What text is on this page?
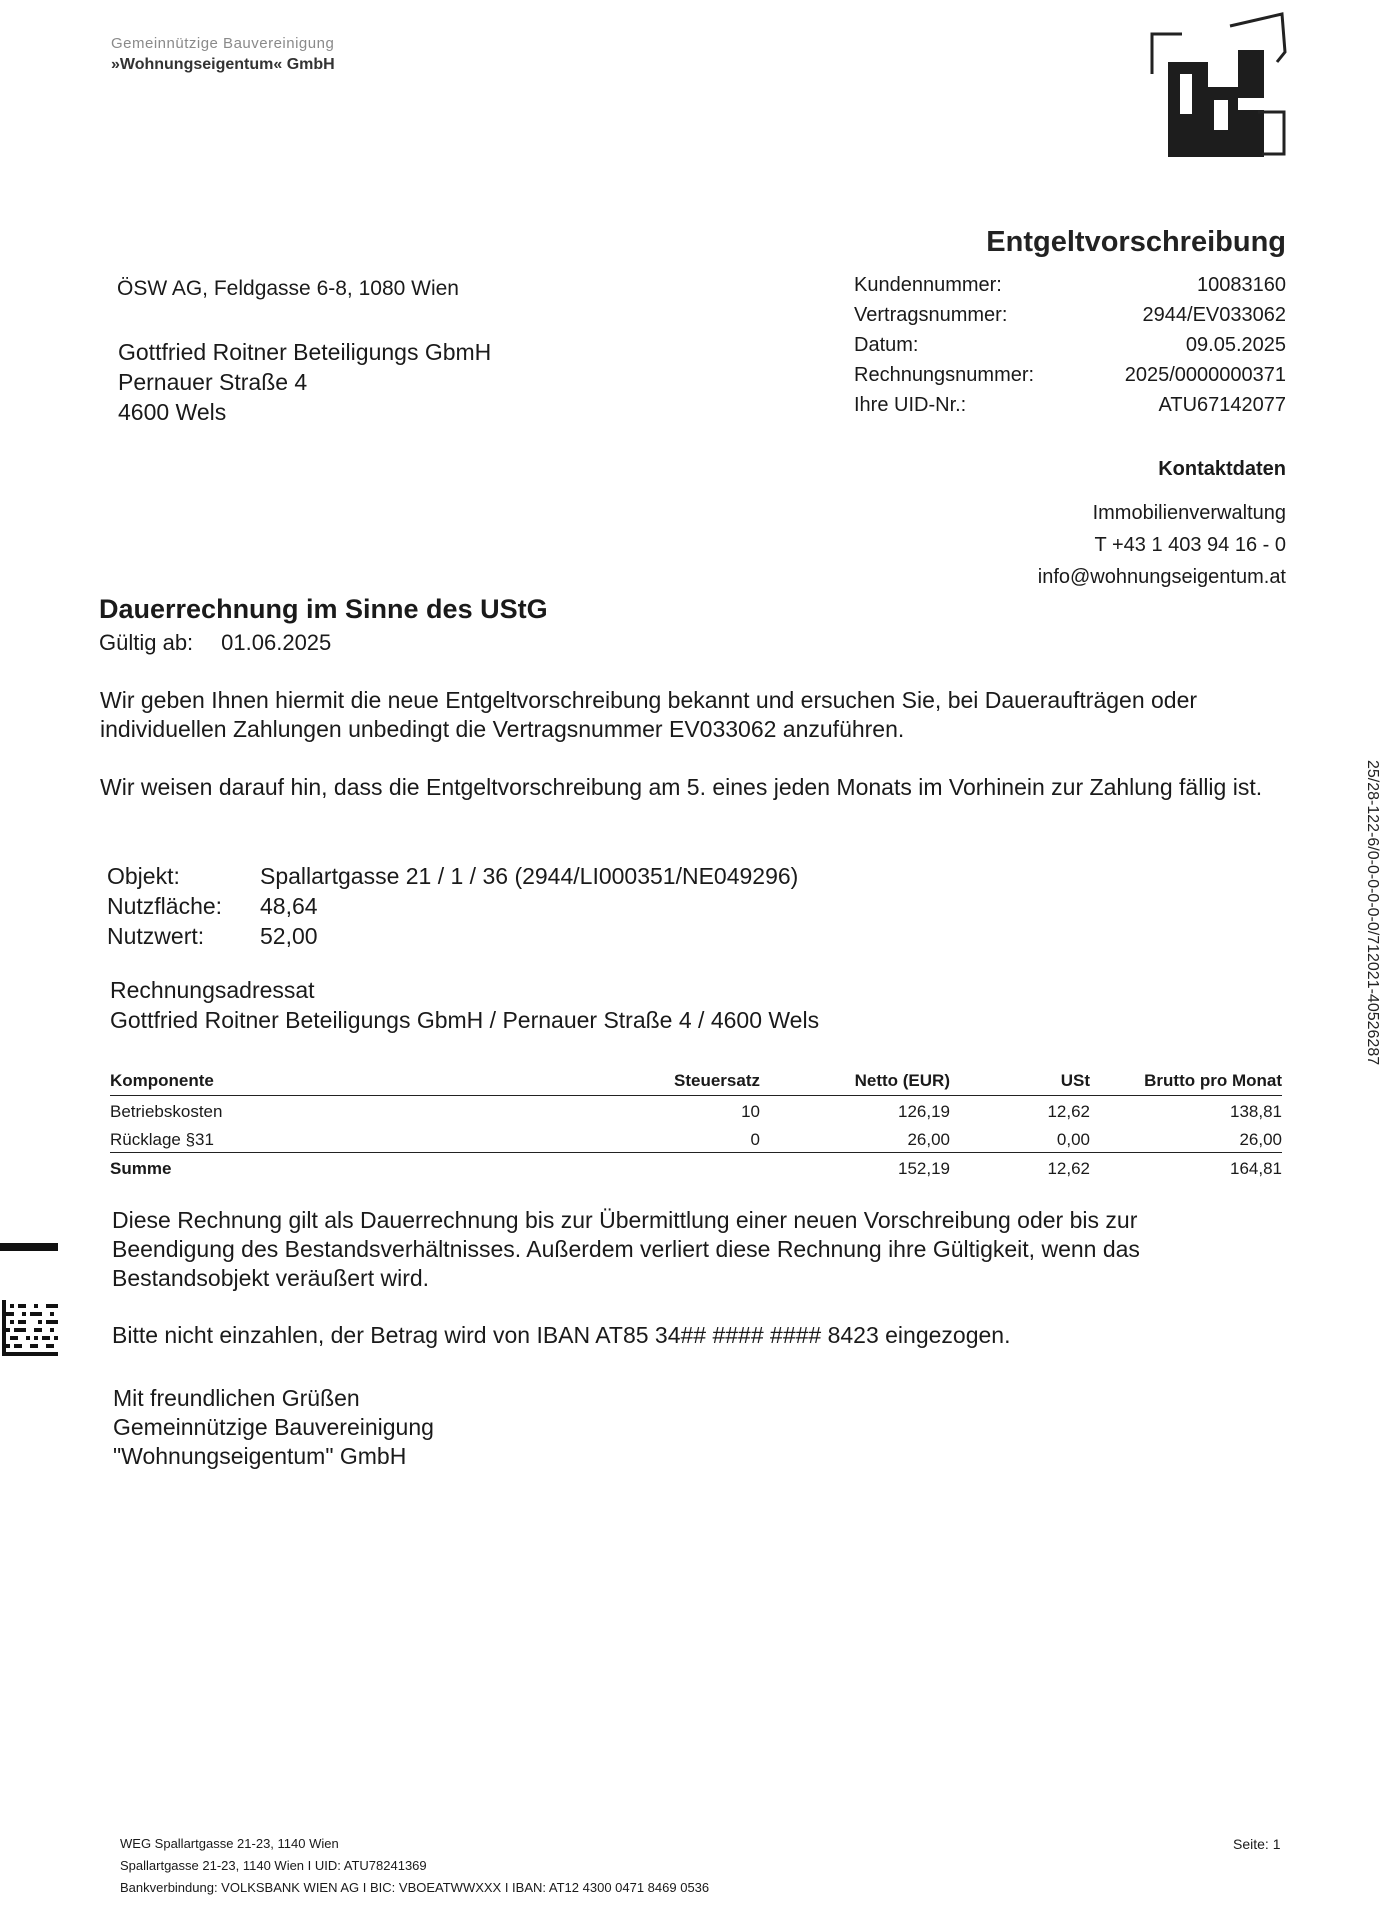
Gemeinnützige Bauvereinigung
»Wohnungseigentum« GmbH
Entgeltvorschreibung
Kundennummer:	10083160
Vertragsnummer:	2944/EV033062
Datum:	09.05.2025
Rechnungsnummer:	2025/0000000371
Ihre UID-Nr.:	ATU67142077
ÖSW AG, Feldgasse 6-8, 1080 Wien
Gottfried Roitner Beteiligungs GbmH
Pernauer Straße 4
4600 Wels
Kontaktdaten
Immobilienverwaltung
T +43 1 403 94 16 - 0
info@wohnungseigentum.at
Dauerrechnung im Sinne des UStG
Gültig ab: 01.06.2025
Wir geben Ihnen hiermit die neue Entgeltvorschreibung bekannt und ersuchen Sie, bei Daueraufträgen oder individuellen Zahlungen unbedingt die Vertragsnummer EV033062 anzuführen.
Wir weisen darauf hin, dass die Entgeltvorschreibung am 5. eines jeden Monats im Vorhinein zur Zahlung fällig ist.
Objekt:	Spallartgasse 21 / 1 / 36 (2944/LI000351/NE049296)
Nutzfläche:	48,64
Nutzwert:	52,00
Rechnungsadressat
Gottfried Roitner Beteiligungs GbmH / Pernauer Straße 4 / 4600 Wels
Komponente	Steuersatz	Netto (EUR)	USt	Brutto pro Monat
Betriebskosten	10	126,19	12,62	138,81
Rücklage §31	0	26,00	0,00	26,00
Summe		152,19	12,62	164,81
Diese Rechnung gilt als Dauerrechnung bis zur Übermittlung einer neuen Vorschreibung oder bis zur Beendigung des Bestandsverhältnisses. Außerdem verliert diese Rechnung ihre Gültigkeit, wenn das Bestandsobjekt veräußert wird.
Bitte nicht einzahlen, der Betrag wird von IBAN AT85 34## #### #### 8423 eingezogen.
Mit freundlichen Grüßen
Gemeinnützige Bauvereinigung
"Wohnungseigentum" GmbH
25/28-122-6/0-0-0-0-0-0/712021-40526287
WEG Spallartgasse 21-23, 1140 Wien
Spallartgasse 21-23, 1140 Wien I UID: ATU78241369
Bankverbindung: VOLKSBANK WIEN AG I BIC: VBOEATWWXXX I IBAN: AT12 4300 0471 8469 0536
Seite: 1
